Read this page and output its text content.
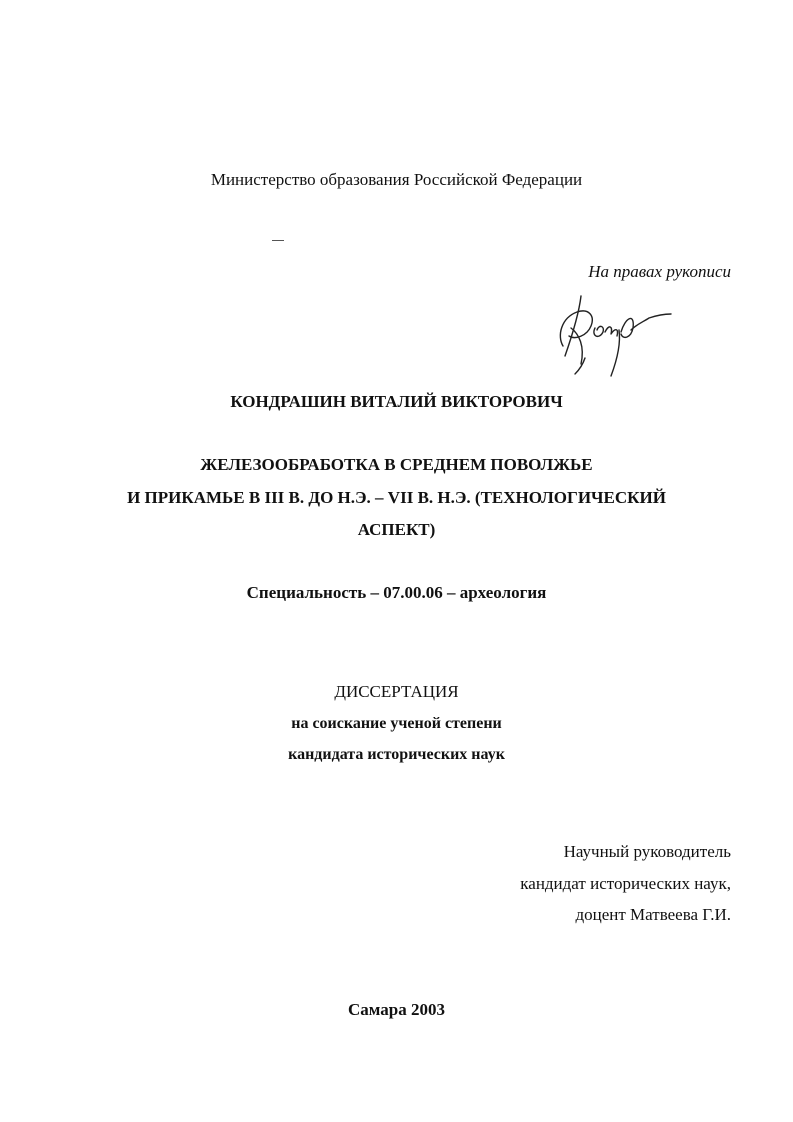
Министерство образования Российской Федерации
На правах рукописи
КОНДРАШИН ВИТАЛИЙ ВИКТОРОВИЧ
ЖЕЛЕЗООБРАБОТКА В СРЕДНЕМ ПОВОЛЖЬЕ
И ПРИКАМЬЕ В III В. ДО Н.Э. – VII В. Н.Э. (ТЕХНОЛОГИЧЕСКИЙ
АСПЕКТ)
Специальность – 07.00.06 – археология
ДИССЕРТАЦИЯ
на соискание ученой степени
кандидата исторических наук
Научный руководитель
кандидат исторических наук,
доцент Матвеева Г.И.
Самара 2003
